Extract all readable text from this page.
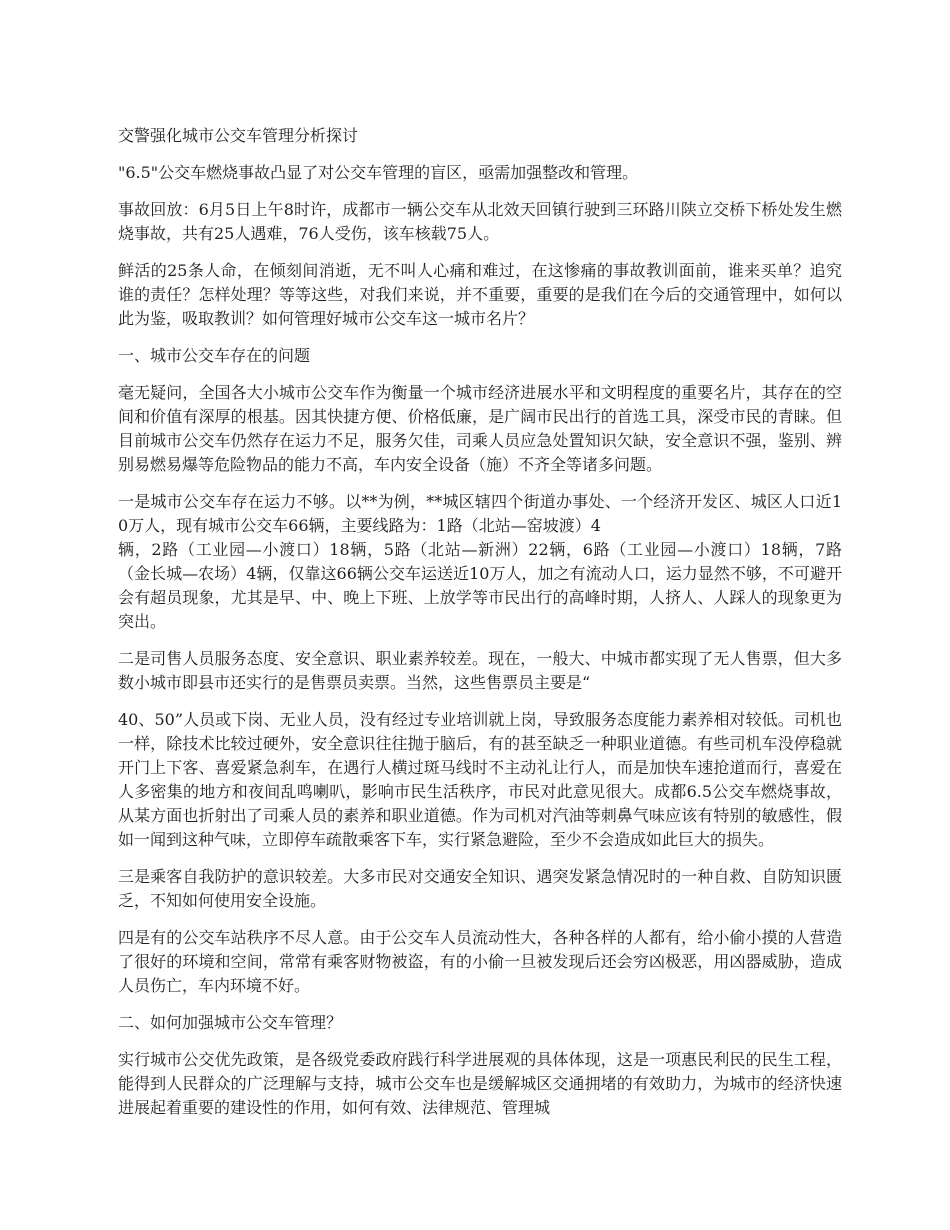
交警强化城市公交车管理分析探讨

"6.5"公交车燃烧事故凸显了对公交车管理的盲区，亟需加强整改和管理。

事故回放：6月5日上午8时许，成都市一辆公交车从北效天回镇行驶到三环路川陕立交桥下桥处发生燃烧事故，共有25人遇难，76人受伤，该车核载75人。

鲜活的25条人命，在倾刻间消逝，无不叫人心痛和难过，在这惨痛的事故教训面前，谁来买单？追究谁的责任？怎样处理？等等这些，对我们来说，并不重要，重要的是我们在今后的交通管理中，如何以此为鉴，吸取教训？如何管理好城市公交车这一城市名片？

一、城市公交车存在的问题

毫无疑问，全国各大小城市公交车作为衡量一个城市经济进展水平和文明程度的重要名片，其存在的空间和价值有深厚的根基。因其快捷方便、价格低廉，是广阔市民出行的首选工具，深受市民的青睐。但目前城市公交车仍然存在运力不足，服务欠佳，司乘人员应急处置知识欠缺，安全意识不强，鉴别、辨别易燃易爆等危险物品的能力不高，车内安全设备（施）不齐全等诸多问题。

一是城市公交车存在运力不够。以**为例，**城区辖四个街道办事处、一个经济开发区、城区人口近10万人，现有城市公交车66辆，主要线路为：1路（北站—窑坡渡）4
辆，2路（工业园—小渡口）18辆，5路（北站—新洲）22辆，6路（工业园—小渡口）18辆，7路（金长城—农场）4辆，仅靠这66辆公交车运送近10万人，加之有流动人口，运力显然不够，不可避开会有超员现象，尤其是早、中、晚上下班、上放学等市民出行的高峰时期，人挤人、人踩人的现象更为突出。

二是司售人员服务态度、安全意识、职业素养较差。现在，一般大、中城市都实现了无人售票，但大多数小城市即县市还实行的是售票员卖票。当然，这些售票员主要是“

40、50”人员或下岗、无业人员，没有经过专业培训就上岗，导致服务态度能力素养相对较低。司机也一样，除技术比较过硬外，安全意识往往抛于脑后，有的甚至缺乏一种职业道德。有些司机车没停稳就开门上下客、喜爱紧急刹车，在遇行人横过斑马线时不主动礼让行人，而是加快车速抢道而行，喜爱在人多密集的地方和夜间乱鸣喇叭，影响市民生活秩序，市民对此意见很大。成都6.5公交车燃烧事故，从某方面也折射出了司乘人员的素养和职业道德。作为司机对汽油等刺鼻气味应该有特别的敏感性，假如一闻到这种气味，立即停车疏散乘客下车，实行紧急避险，至少不会造成如此巨大的损失。

三是乘客自我防护的意识较差。大多市民对交通安全知识、遇突发紧急情况时的一种自救、自防知识匮乏，不知如何使用安全设施。

四是有的公交车站秩序不尽人意。由于公交车人员流动性大，各种各样的人都有，给小偷小摸的人营造了很好的环境和空间，常常有乘客财物被盗，有的小偷一旦被发现后还会穷凶极恶，用凶器威胁，造成人员伤亡，车内环境不好。

二、如何加强城市公交车管理？

实行城市公交优先政策，是各级党委政府践行科学进展观的具体体现，这是一项惠民利民的民生工程，能得到人民群众的广泛理解与支持，城市公交车也是缓解城区交通拥堵的有效助力，为城市的经济快速进展起着重要的建设性的作用，如何有效、法律规范、管理城
